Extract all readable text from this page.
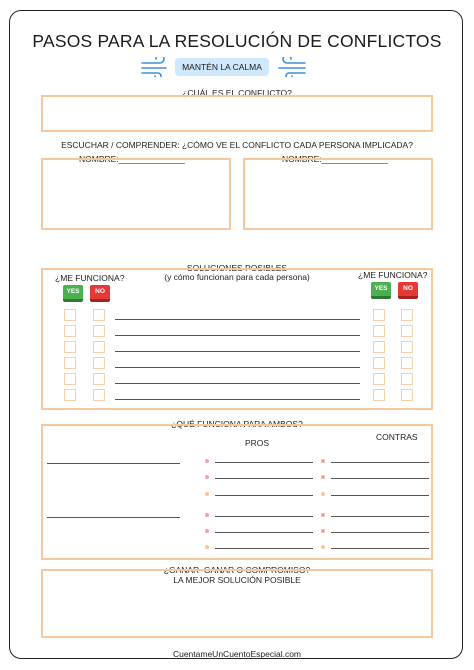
PASOS PARA LA RESOLUCIÓN DE CONFLICTOS
MANTÉN LA CALMA
¿CUÁL ES EL CONFLICTO?
ESCUCHAR / COMPRENDER: ¿CÓMO VE EL CONFLICTO CADA PERSONA IMPLICADA?
NOMBRE:______________	NOMBRE:______________
SOLUCIONES POSIBLES
(y cómo funcionan para cada persona)
¿ME FUNCIONA?	¿ME FUNCIONA?
YES	NO	YES	NO
¿QUÉ FUNCIONA PARA AMBOS?
PROS
CONTRAS
¿GANAR–GANAR O COMPROMISO?
LA MEJOR SOLUCIÓN POSIBLE
CuentameUnCuentoEspecial.com
